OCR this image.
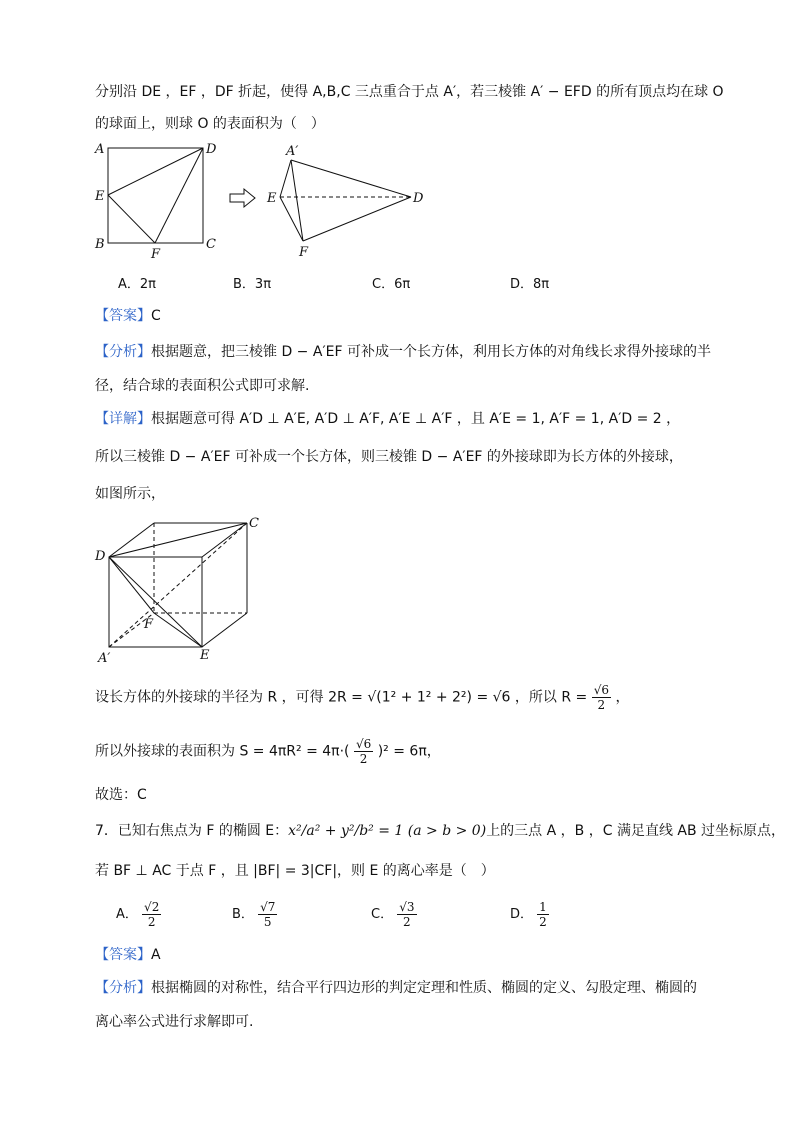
分别沿 DE ，EF ，DF 折起，使得 A,B,C 三点重合于点 A′，若三棱锥 A′ − EFD 的所有顶点均在球 O
的球面上，则球 O 的表面积为（　）
A	D
E
B	C
F
A′
E
F
D
A．2π	B．3π	C．6π	D．8π
【答案】C
【分析】根据题意，把三棱锥 D − A′EF 可补成一个长方体，利用长方体的对角线长求得外接球的半
径，结合球的表面积公式即可求解.
【详解】根据题意可得 A′D ⊥ A′E, A′D ⊥ A′F, A′E ⊥ A′F ，且 A′E = 1, A′F = 1, A′D = 2 ，
所以三棱锥 D − A′EF 可补成一个长方体，则三棱锥 D − A′EF 的外接球即为长方体的外接球，
如图所示，
D
C
F
A′	E
设长方体的外接球的半径为 R ，可得 2R = √(1² + 1² + 2²) = √6 ，所以 $R = \frac{√6}{2}$ ，
所以外接球的表面积为 $S = 4\pi R^2 = 4\pi\cdot( \frac{√6}{2} )^2 = 6\pi$，
故选：C
7．已知右焦点为 F 的椭圆 E：x²/a² + y²/b² = 1 (a > b > 0)上的三点 A ，B ，C 满足直线 AB 过坐标原点，
若 BF ⊥ AC 于点 F ，且 |BF| = 3|CF|，则 E 的离心率是（　）
A． $\frac{√2}{2}$	B． $\frac{√7}{5}$	C． $\frac{√3}{2}$	D． $\frac{1}{2}$
【答案】A
【分析】根据椭圆的对称性，结合平行四边形的判定定理和性质、椭圆的定义、勾股定理、椭圆的
离心率公式进行求解即可.
